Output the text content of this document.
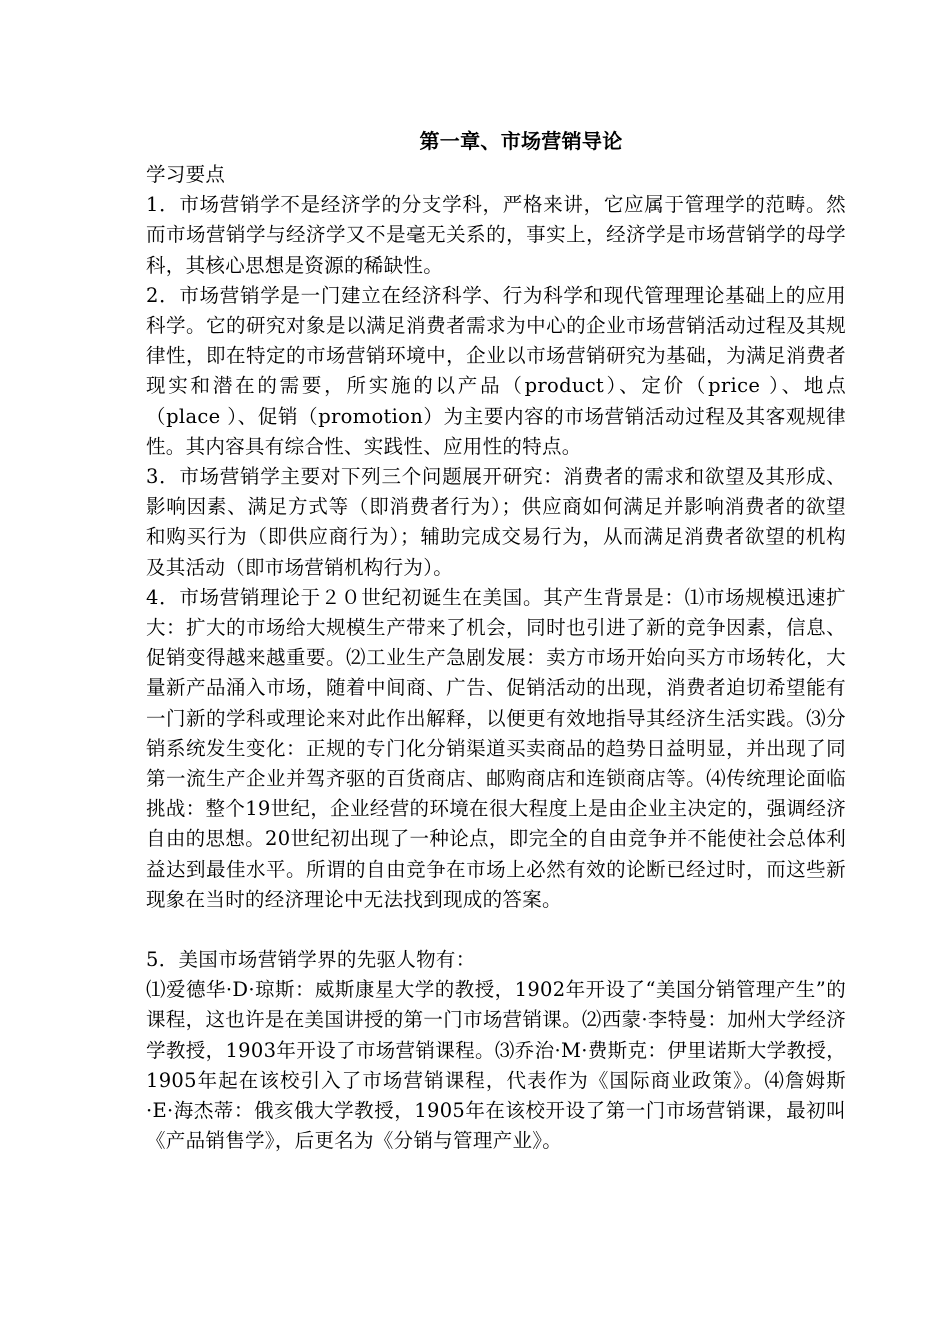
第一章、市场营销导论

学习要点

1．市场营销学不是经济学的分支学科，严格来讲，它应属于管理学的范畴。然而市场营销学与经济学又不是毫无关系的，事实上，经济学是市场营销学的母学科，其核心思想是资源的稀缺性。

2．市场营销学是一门建立在经济科学、行为科学和现代管理理论基础上的应用科学。它的研究对象是以满足消费者需求为中心的企业市场营销活动过程及其规律性，即在特定的市场营销环境中，企业以市场营销研究为基础，为满足消费者现实和潜在的需要，所实施的以产品（product）、定价（price ）、地点（place ）、促销（promotion）为主要内容的市场营销活动过程及其客观规律性。其内容具有综合性、实践性、应用性的特点。

3．市场营销学主要对下列三个问题展开研究：消费者的需求和欲望及其形成、影响因素、满足方式等（即消费者行为）；供应商如何满足并影响消费者的欲望和购买行为（即供应商行为）；辅助完成交易行为，从而满足消费者欲望的机构及其活动（即市场营销机构行为）。

4．市场营销理论于２０世纪初诞生在美国。其产生背景是：⑴市场规模迅速扩大：扩大的市场给大规模生产带来了机会，同时也引进了新的竞争因素，信息、促销变得越来越重要。⑵工业生产急剧发展：卖方市场开始向买方市场转化，大量新产品涌入市场，随着中间商、广告、促销活动的出现，消费者迫切希望能有一门新的学科或理论来对此作出解释，以便更有效地指导其经济生活实践。⑶分销系统发生变化：正规的专门化分销渠道买卖商品的趋势日益明显，并出现了同第一流生产企业并驾齐驱的百货商店、邮购商店和连锁商店等。⑷传统理论面临挑战：整个19世纪，企业经营的环境在很大程度上是由企业主决定的，强调经济自由的思想。20世纪初出现了一种论点，即完全的自由竞争并不能使社会总体利益达到最佳水平。所谓的自由竞争在市场上必然有效的论断已经过时，而这些新现象在当时的经济理论中无法找到现成的答案。

5．美国市场营销学界的先驱人物有：

⑴爱德华·D·琼斯：威斯康星大学的教授，1902年开设了“美国分销管理产生”的课程，这也许是在美国讲授的第一门市场营销课。⑵西蒙·李特曼：加州大学经济学教授，1903年开设了市场营销课程。⑶乔治·M·费斯克：伊里诺斯大学教授，1905年起在该校引入了市场营销课程，代表作为《国际商业政策》。⑷詹姆斯·E·海杰蒂：俄亥俄大学教授，1905年在该校开设了第一门市场营销课，最初叫《产品销售学》，后更名为《分销与管理产业》。
